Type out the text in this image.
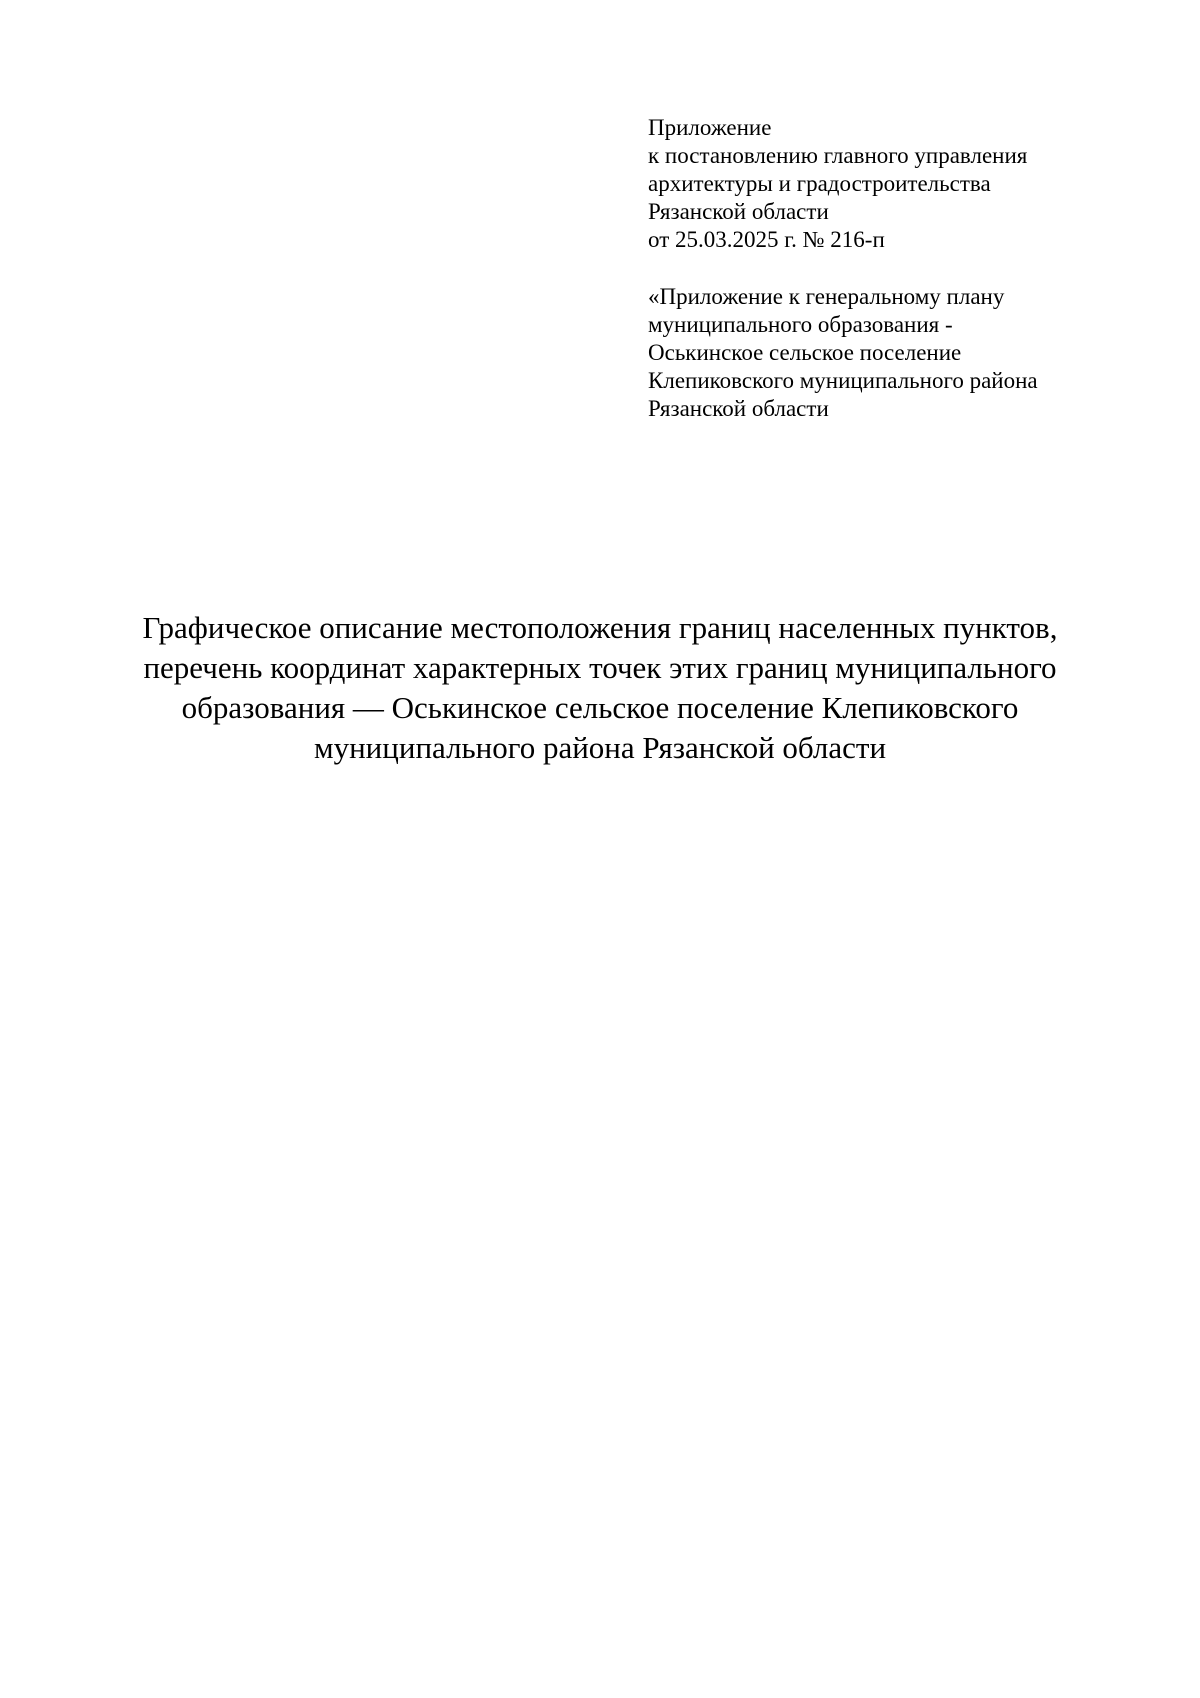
Приложение
к постановлению главного управления
архитектуры и градостроительства
Рязанской области
от 25.03.2025 г. № 216-п
«Приложение к генеральному плану
муниципального образования -
Оськинское сельское поселение
Клепиковского муниципального района
Рязанской области
Графическое описание местоположения границ населенных пунктов,
перечень координат характерных точек этих границ муниципального
образования — Оськинское сельское поселение Клепиковского
муниципального района Рязанской области
